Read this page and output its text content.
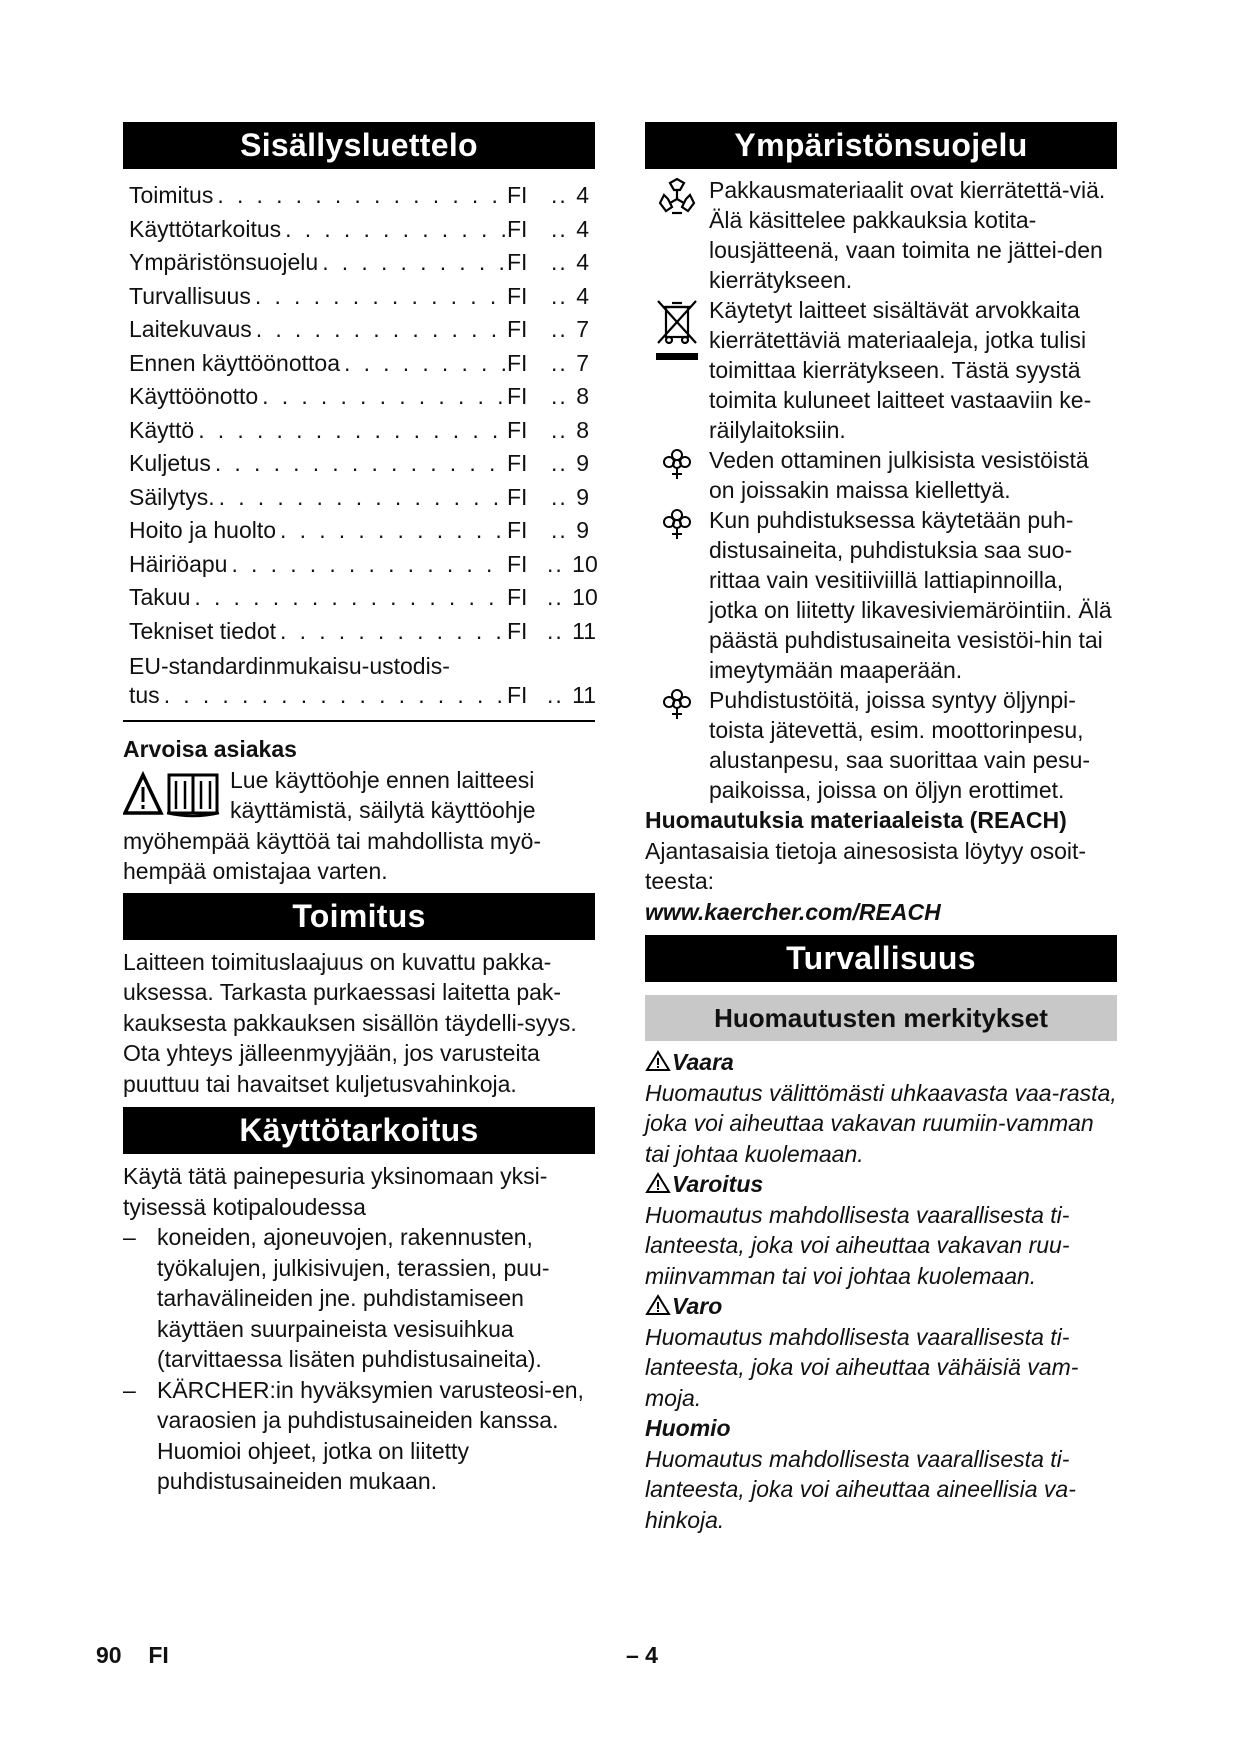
Sisällysluettelo
Toimitus . . .	FI	.. 4
Käyttötarkoitus . . .	FI	.. 4
Ympäristönsuojelu . . .	FI	.. 4
Turvallisuus . . .	FI	.. 4
Laitekuvaus . . .	FI	.. 7
Ennen käyttöönottoa . . .	FI	.. 7
Käyttöönotto . . .	FI	.. 8
Käyttö . . .	FI	.. 8
Kuljetus . . .	FI	.. 9
Säilytys. . . .	FI	.. 9
Hoito ja huolto . . .	FI	.. 9
Häiriöapu . . .	FI	.. 10
Takuu . . .	FI	.. 10
Tekniset tiedot . . .	FI	.. 11
EU-standardinmukaisu-ustodis-
tus . . .	FI	.. 11
Arvoisa asiakas
Lue käyttöohje ennen laitteesi
käyttämistä, säilytä käyttöohje
myöhempää käyttöä tai mahdollista myö-
hempää omistajaa varten.
Toimitus
Laitteen toimituslaajuus on kuvattu pakka-uksessa. Tarkasta purkaessasi laitetta pak-kauksesta pakkauksen sisällön täydelli-syys.
Ota yhteys jälleenmyyjään, jos varusteita puuttuu tai havaitset kuljetusvahinkoja.
Käyttötarkoitus
Käytä tätä painepesuria yksinomaan yksi-tyisessä kotipaloudessa
– koneiden, ajoneuvojen, rakennusten, työkalujen, julkisivujen, terassien, puu-tarhavälineiden jne. puhdistamiseen käyttäen suurpaineista vesisuihkua (tarvittaessa lisäten puhdistusaineita).
– KÄRCHER:in hyväksymien varusteosi-en, varaosien ja puhdistusaineiden kanssa. Huomioi ohjeet, jotka on liitetty puhdistusaineiden mukaan.
Ympäristönsuojelu
Pakkausmateriaalit ovat kierrätettä-viä. Älä käsittelee pakkauksia kotita-lousjätteenä, vaan toimita ne jättei-den kierrätykseen.
Käytetyt laitteet sisältävät arvokkaita kierrätettäviä materiaaleja, jotka tulisi toimittaa kierrätykseen. Tästä syystä toimita kuluneet laitteet vastaaviin ke-räilylaitoksiin.
Veden ottaminen julkisista vesistöistä on joissakin maissa kiellettyä.
Kun puhdistuksessa käytetään puh-distusaineita, puhdistuksia saa suo-rittaa vain vesitiiviillä lattiapinnoilla, jotka on liitetty likavesiviemäröintiin. Älä päästä puhdistusaineita vesistöi-hin tai imeytymään maaperään.
Puhdistustöitä, joissa syntyy öljynpi-toista jätevettä, esim. moottorinpesu, alustanpesu, saa suorittaa vain pesu-paikoissa, joissa on öljyn erottimet.
Huomautuksia materiaaleista (REACH)
Ajantasaisia tietoja ainesosista löytyy osoit-teesta:
www.kaercher.com/REACH
Turvallisuus
Huomautusten merkitykset
Vaara
Huomautus välittömästi uhkaavasta vaa-rasta, joka voi aiheuttaa vakavan ruumiin-vamman tai johtaa kuolemaan.
Varoitus
Huomautus mahdollisesta vaarallisesta ti-lanteesta, joka voi aiheuttaa vakavan ruu-miinvamman tai voi johtaa kuolemaan.
Varo
Huomautus mahdollisesta vaarallisesta ti-lanteesta, joka voi aiheuttaa vähäisiä vam-moja.
Huomio
Huomautus mahdollisesta vaarallisesta ti-lanteesta, joka voi aiheuttaa aineellisia va-hinkoja.
90 FI	– 4
